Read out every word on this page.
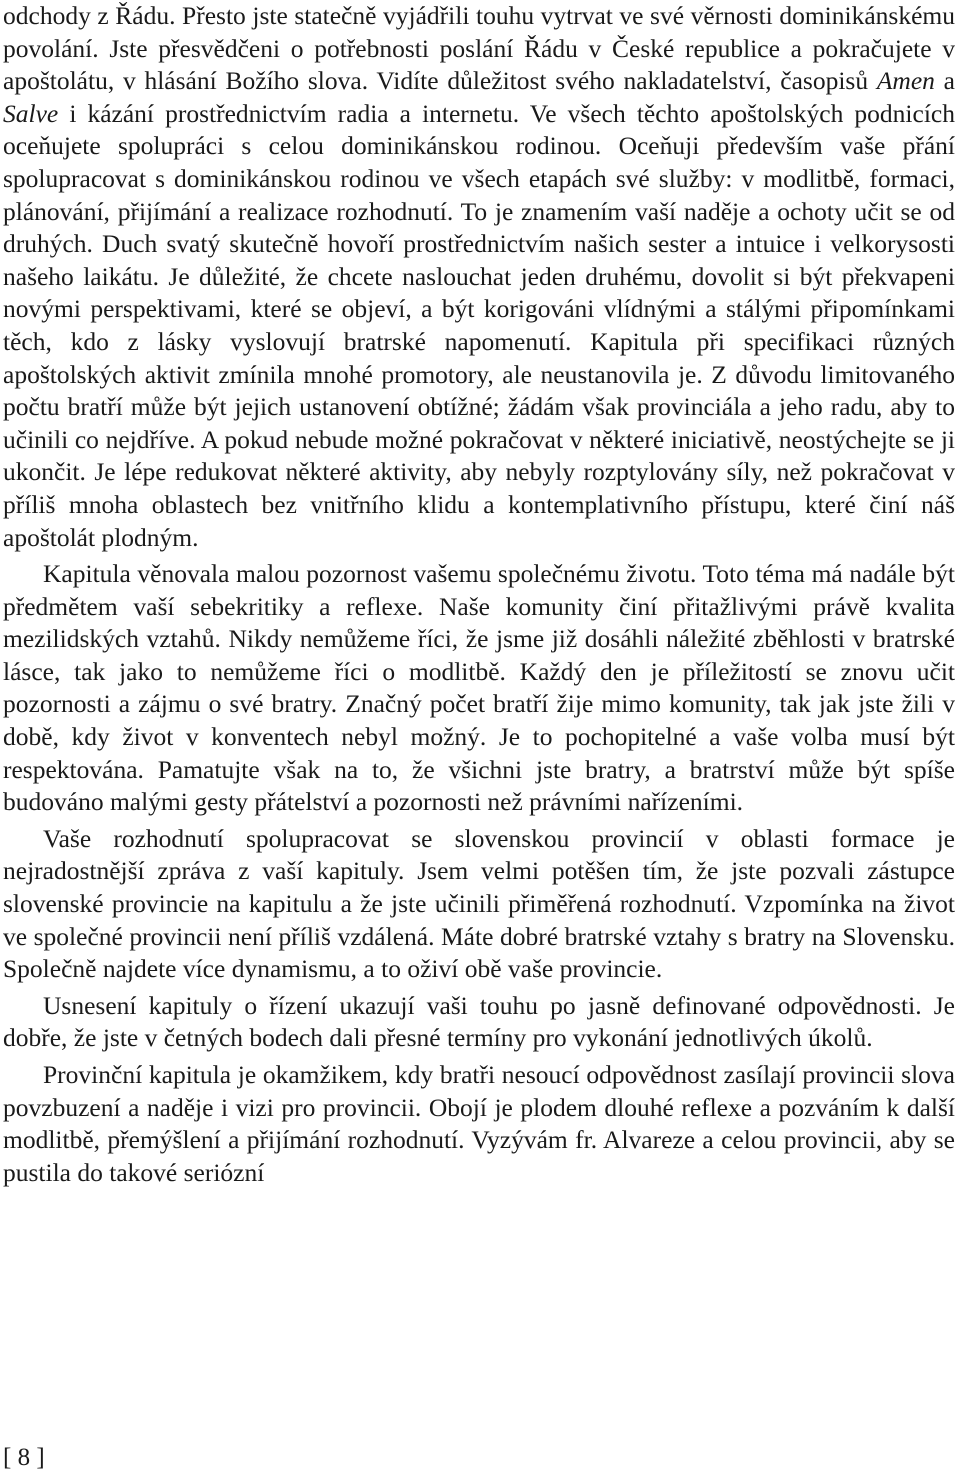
odchody z Řádu. Přesto jste statečně vyjádřili touhu vytrvat ve své věrnosti dominikánskému povolání. Jste přesvědčeni o potřebnosti poslání Řádu v České republice a pokračujete v apoštolátu, v hlásání Božího slova. Vidíte důležitost svého nakladatelství, časopisů Amen a Salve i kázání prostřednictvím radia a internetu. Ve všech těchto apoštolských podnicích oceňujete spolupráci s celou dominikánskou rodinou. Oceňuji především vaše přání spolupracovat s dominikánskou rodinou ve všech etapách své služby: v modlitbě, formaci, plánování, přijímání a realizace rozhodnutí. To je znamením vaší naděje a ochoty učit se od druhých. Duch svatý skutečně hovoří prostřednictvím našich sester a intuice i velkorysosti našeho laikátu. Je důležité, že chcete naslouchat jeden druhému, dovolit si být překvapeni novými perspektivami, které se objeví, a být korigováni vlídnými a stálými připomínkami těch, kdo z lásky vyslovují bratrské napomenutí. Kapitula při specifikaci různých apoštolských aktivit zmínila mnohé promotory, ale neustanovila je. Z důvodu limitovaného počtu bratří může být jejich ustanovení obtížné; žádám však provinciála a jeho radu, aby to učinili co nejdříve. A pokud nebude možné pokračovat v některé iniciativě, neostýchejte se ji ukončit. Je lépe redukovat některé aktivity, aby nebyly rozptylovány síly, než pokračovat v příliš mnoha oblastech bez vnitřního klidu a kontemplativního přístupu, které činí náš apoštolát plodným.

Kapitula věnovala malou pozornost vašemu společnému životu. Toto téma má nadále být předmětem vaší sebekritiky a reflexe. Naše komunity činí přitažlivými právě kvalita mezilidských vztahů. Nikdy nemůžeme říci, že jsme již dosáhli náležité zběhlosti v bratrské lásce, tak jako to nemůžeme říci o modlitbě. Každý den je příležitostí se znovu učit pozornosti a zájmu o své bratry. Značný počet bratří žije mimo komunity, tak jak jste žili v době, kdy život v konventech nebyl možný. Je to pochopitelné a vaše volba musí být respektována. Pamatujte však na to, že všichni jste bratry, a bratrství může být spíše budováno malými gesty přátelství a pozornosti než právními nařízeními.

Vaše rozhodnutí spolupracovat se slovenskou provincií v oblasti formace je nejradostnější zpráva z vaší kapituly. Jsem velmi potěšen tím, že jste pozvali zástupce slovenské provincie na kapitulu a že jste učinili přiměřená rozhodnutí. Vzpomínka na život ve společné provincii není příliš vzdálená. Máte dobré bratrské vztahy s bratry na Slovensku. Společně najdete více dynamismu, a to oživí obě vaše provincie.

Usnesení kapituly o řízení ukazují vaši touhu po jasně definované odpovědnosti. Je dobře, že jste v četných bodech dali přesné termíny pro vykonání jednotlivých úkolů.

Provinční kapitula je okamžikem, kdy bratři nesoucí odpovědnost zasílají provincii slova povzbuzení a naděje i vizi pro provincii. Obojí je plodem dlouhé reflexe a pozváním k další modlitbě, přemýšlení a přijímání rozhodnutí. Vyzývám fr. Alvareze a celou provincii, aby se pustila do takové seriózní

[ 8 ]
